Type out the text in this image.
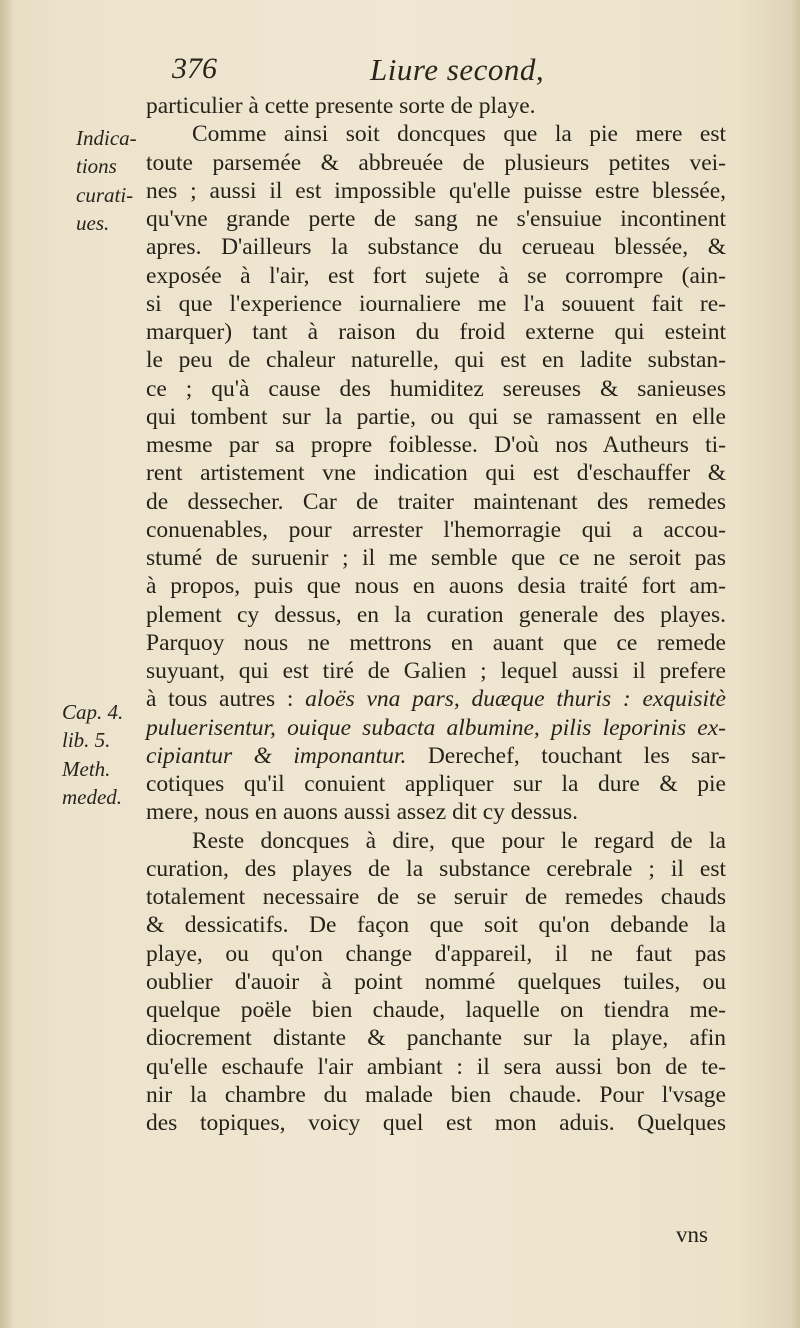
376	Liure second,
Indica-
tions
curati-
ues.
Cap. 4.
lib. 5.
Meth.
meded.
particulier à cette presente sorte de playe.
Comme ainsi soit doncques que la pie mere est
toute parsemée & abbreuée de plusieurs petites vei-
nes ; aussi il est impossible qu'elle puisse estre blessée,
qu'vne grande perte de sang ne s'ensuiue incontinent
apres. D'ailleurs la substance du cerueau blessée, &
exposée à l'air, est fort sujete à se corrompre (ain-
si que l'experience iournaliere me l'a souuent fait re-
marquer) tant à raison du froid externe qui esteint
le peu de chaleur naturelle, qui est en ladite substan-
ce ; qu'à cause des humiditez sereuses & sanieuses
qui tombent sur la partie, ou qui se ramassent en elle
mesme par sa propre foiblesse. D'où nos Autheurs ti-
rent artistement vne indication qui est d'eschauffer &
de dessecher. Car de traiter maintenant des remedes
conuenables, pour arrester l'hemorragie qui a accou-
stumé de suruenir ; il me semble que ce ne seroit pas
à propos, puis que nous en auons desia traité fort am-
plement cy dessus, en la curation generale des playes.
Parquoy nous ne mettrons en auant que ce remede
suyuant, qui est tiré de Galien ; lequel aussi il prefere
à tous autres : aloës vna pars, duæque thuris : exquisitè
puluerisentur, ouique subacta albumine, pilis leporinis ex-
cipiantur & imponantur. Derechef, touchant les sar-
cotiques qu'il conuient appliquer sur la dure & pie
mere, nous en auons aussi assez dit cy dessus.
Reste doncques à dire, que pour le regard de la
curation, des playes de la substance cerebrale ; il est
totalement necessaire de se seruir de remedes chauds
& dessicatifs. De façon que soit qu'on debande la
playe, ou qu'on change d'appareil, il ne faut pas
oublier d'auoir à point nommé quelques tuiles, ou
quelque poële bien chaude, laquelle on tiendra me-
diocrement distante & panchante sur la playe, afin
qu'elle eschaufe l'air ambiant : il sera aussi bon de te-
nir la chambre du malade bien chaude. Pour l'vsage
des topiques, voicy quel est mon aduis. Quelques
vns
